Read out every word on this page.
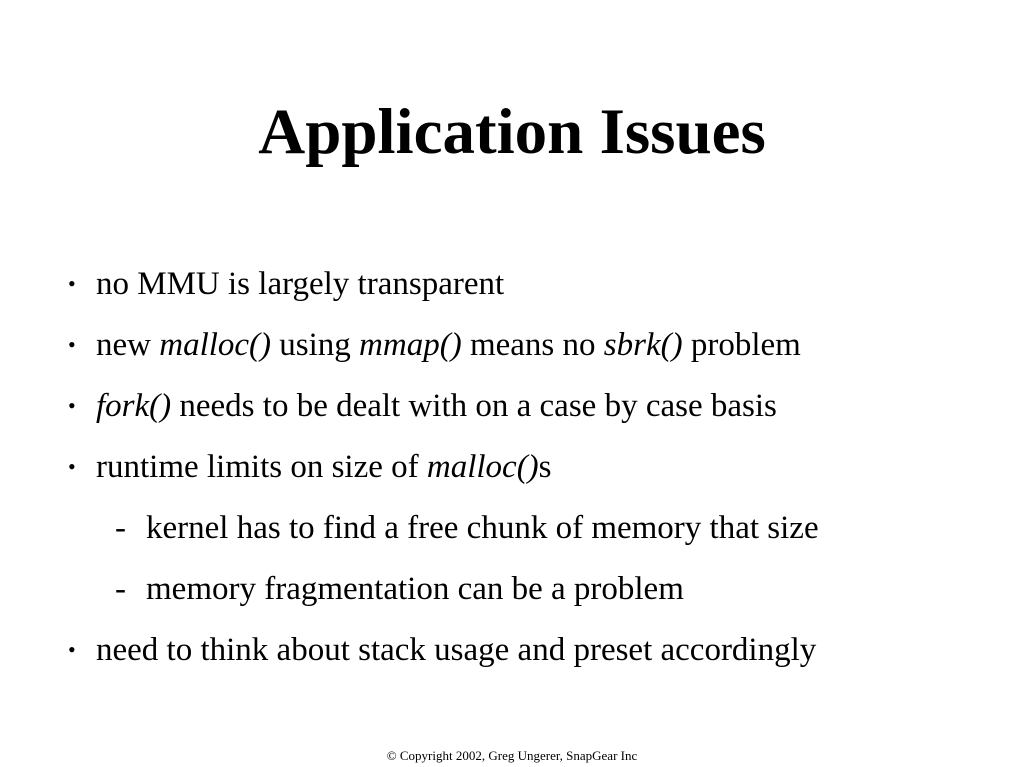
Application Issues
• no MMU is largely transparent
• new malloc() using mmap() means no sbrk() problem
• fork() needs to be dealt with on a case by case basis
• runtime limits on size of malloc()s
- kernel has to find a free chunk of memory that size
- memory fragmentation can be a problem
• need to think about stack usage and preset accordingly
© Copyright 2002, Greg Ungerer, SnapGear Inc
